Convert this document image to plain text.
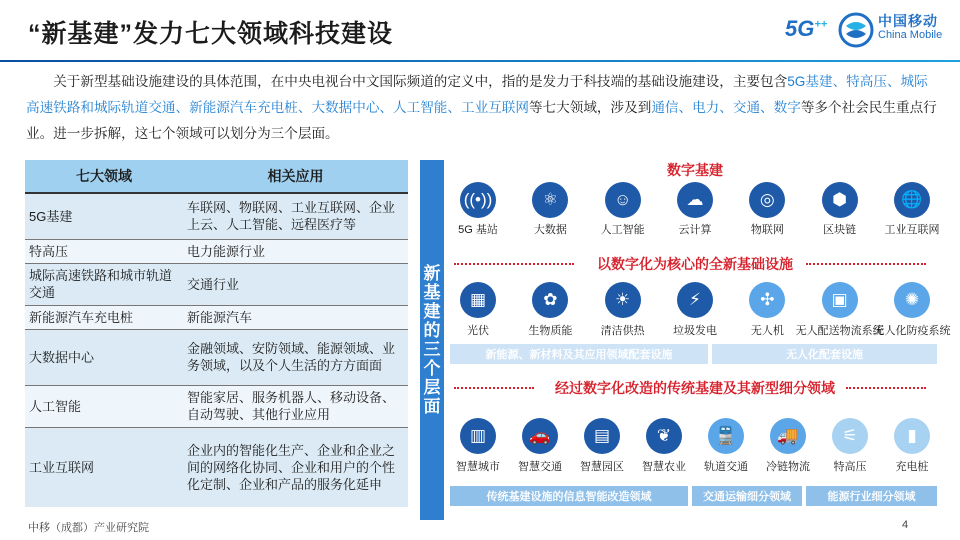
“新基建”发力七大领域科技建设	5G++	中国移动
China Mobile
关于新型基础设施建设的具体范围，在中央电视台中文国际频道的定义中，指的是发力于科技端的基础设施建设，主要包含5G基建、特高压、城际高速铁路和城际轨道交通、新能源汽车充电桩、大数据中心、人工智能、工业互联网等七大领域，涉及到通信、电力、交通、数字等多个社会民生重点行业。进一步拆解，这七个领域可以划分为三个层面。
七大领域	相关应用
5G基建	车联网、物联网、工业互联网、企业上云、人工智能、远程医疗等
特高压	电力能源行业
城际高速铁路和城市轨道交通	交通行业
新能源汽车充电桩	新能源汽车
大数据中心	金融领域、安防领域、能源领域、业务领域，以及个人生活的方方面面
人工智能	智能家居、服务机器人、移动设备、自动驾驶、其他行业应用
工业互联网	企业内的智能化生产、企业和企业之间的网络化协同、企业和用户的个性化定制、企业和产品的服务化延申
新基建的三个层面
数字基建
((•))
5G 基站
⚛
大数据
☺
人工智能
☁
云计算
◎
物联网
⬢
区块链
🌐
工业互联网
以数字化为核心的全新基础设施
▦
光伏
✿
生物质能
☀
清洁供热
⚡
垃圾发电
✣
无人机
▣
无人配送物流系统
✺
无人化防疫系统
新能源、新材料及其应用领域配套设施	无人化配套设施
经过数字化改造的传统基建及其新型细分领域
▥
智慧城市
🚗
智慧交通
▤
智慧园区
❦
智慧农业
🚆
轨道交通
🚚
冷链物流
⚟
特高压
▮
充电桩
传统基建设施的信息智能改造领域	交通运输细分领域	能源行业细分领域
中移（成都）产业研究院	4
